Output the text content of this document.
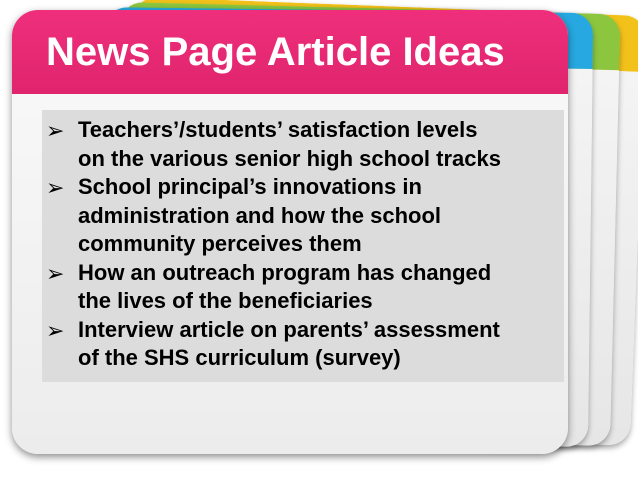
News Page Article Ideas
➢ Teachers’/students’ satisfaction levels
on the various senior high school tracks
➢ School principal’s innovations in
administration and how the school
community perceives them
➢ How an outreach program has changed
the lives of the beneficiaries
➢ Interview article on parents’ assessment
of the SHS curriculum (survey)
